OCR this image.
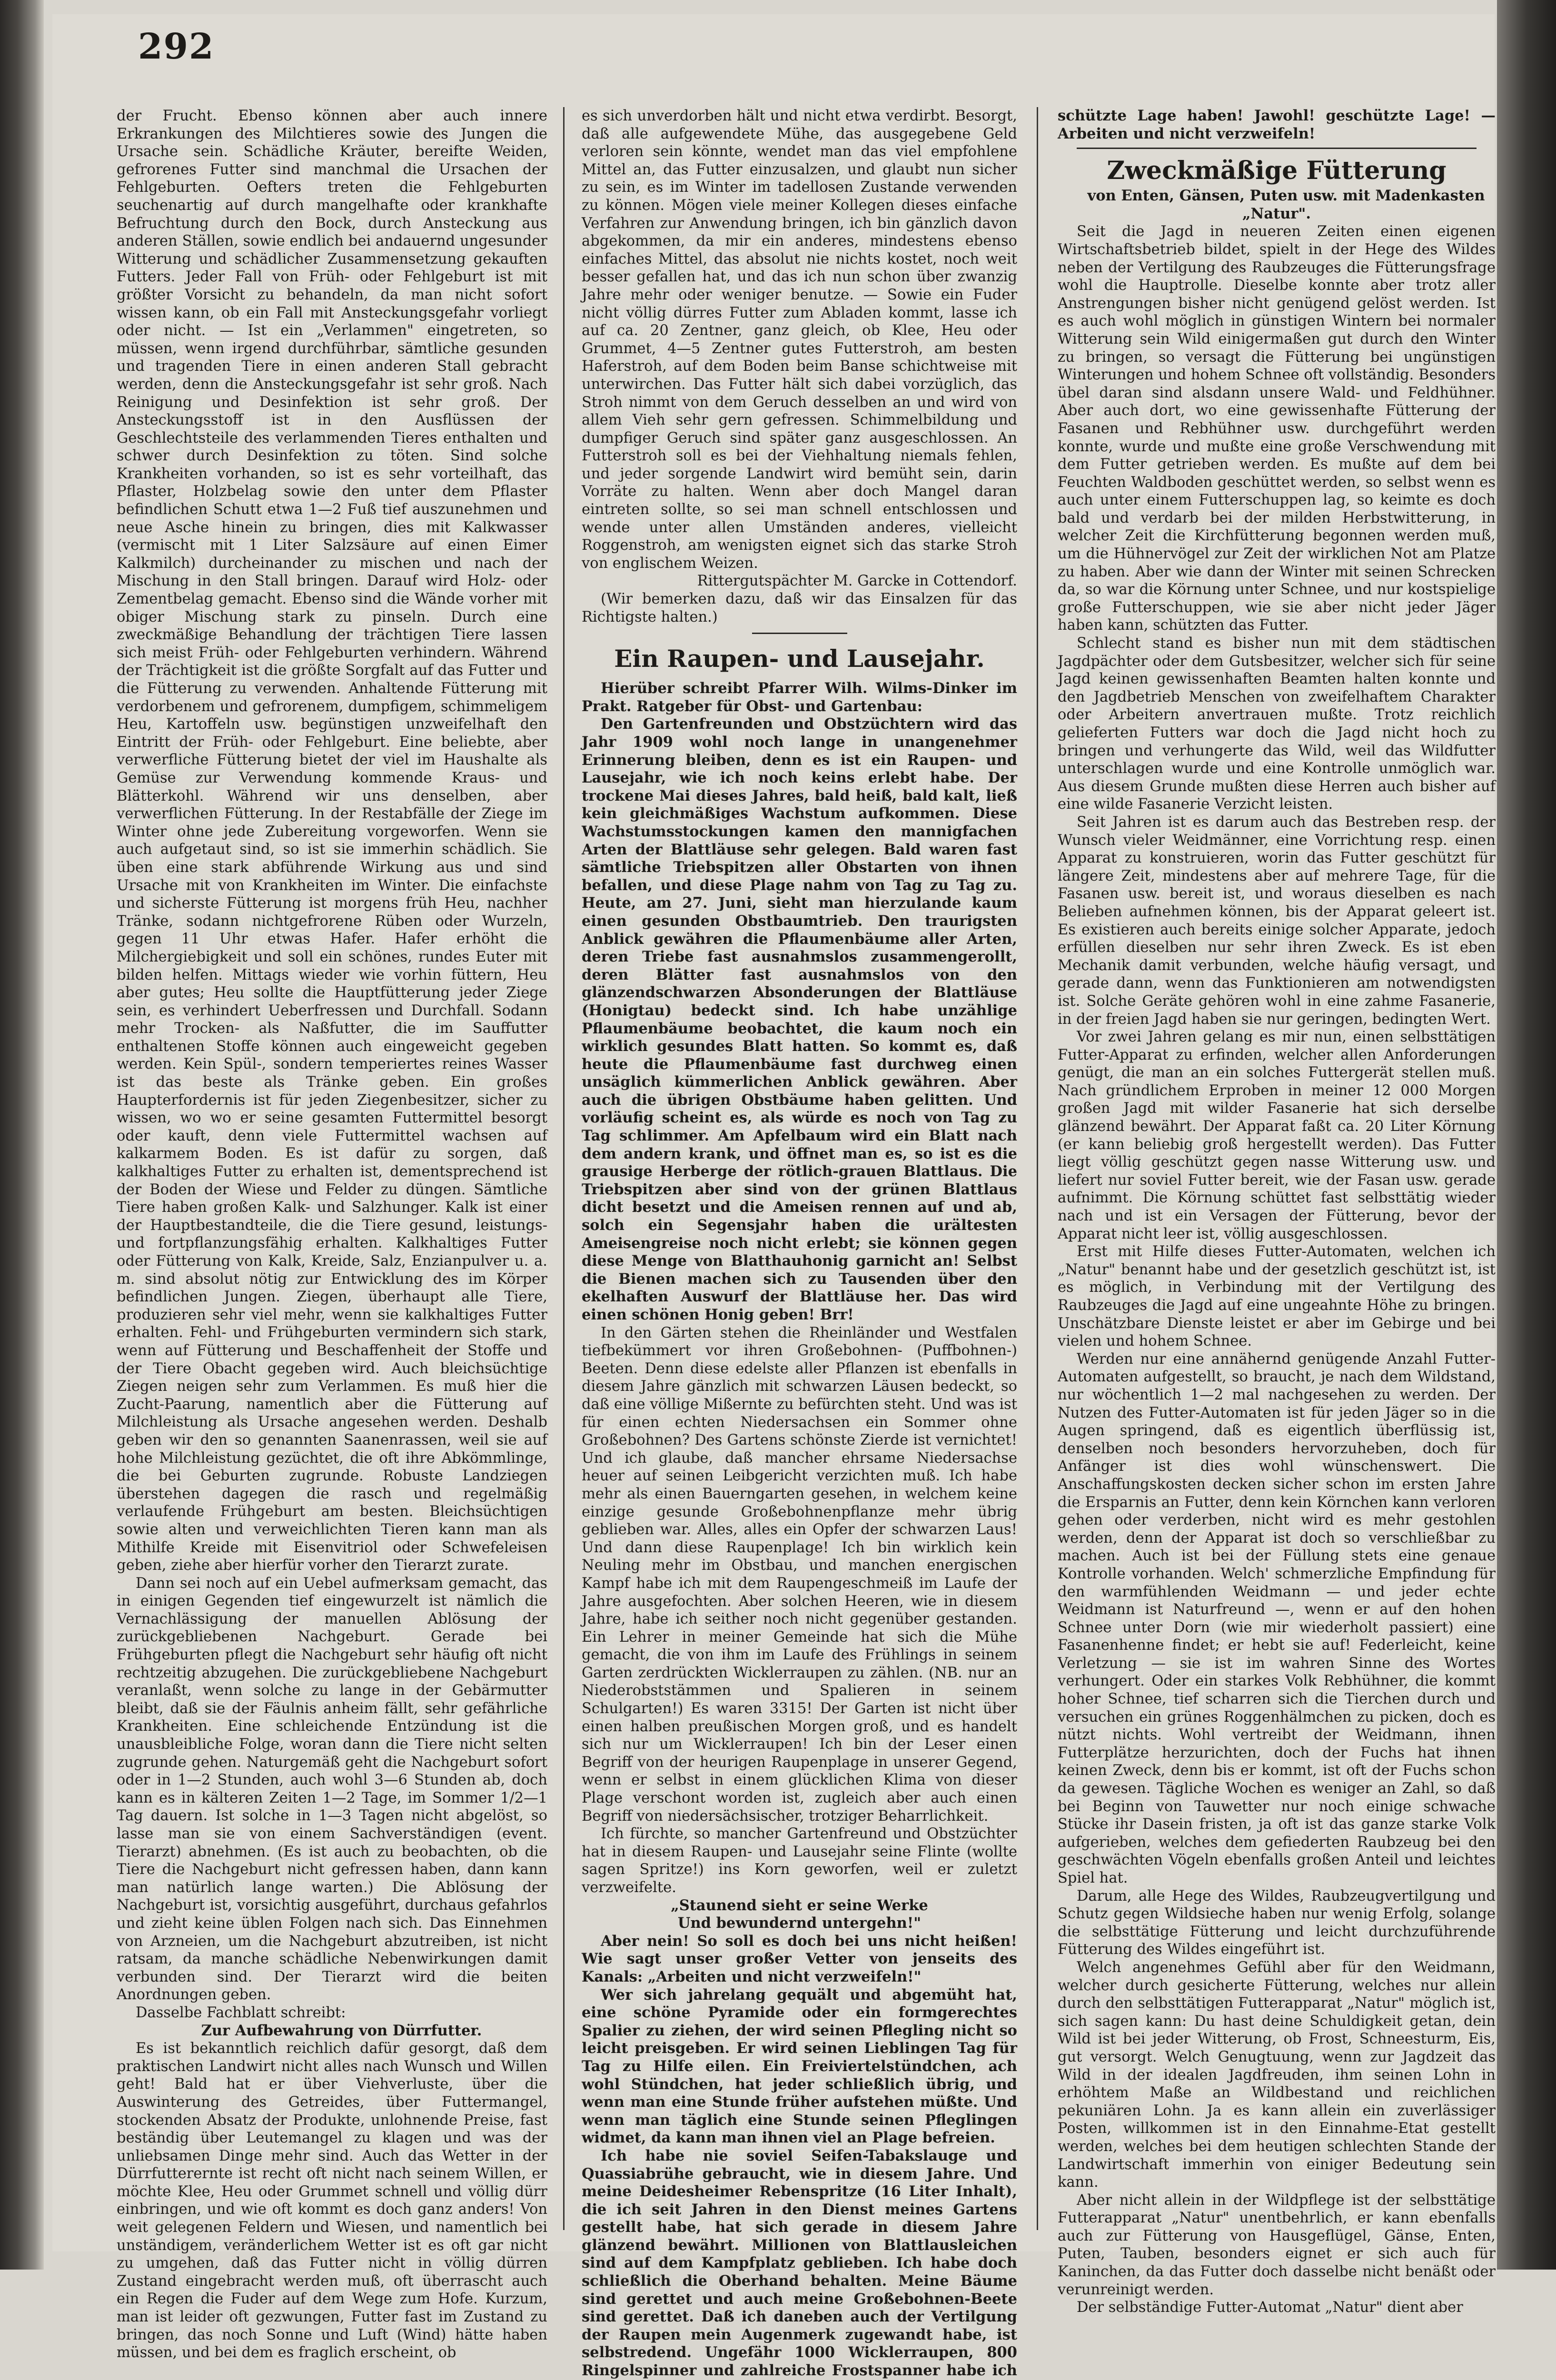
292

der Frucht. Ebenso können aber auch innere Erkrankungen des Milchtieres sowie des Jungen die Ursache sein. Schädliche Kräuter, bereifte Weiden, gefrorenes Futter sind manchmal die Ursachen der Fehlgeburten. Oefters treten die Fehlgeburten seuchenartig auf durch mangelhafte oder krankhafte Befruchtung durch den Bock, durch Ansteckung aus anderen Ställen, sowie endlich bei andauernd ungesunder Witterung und schädlicher Zusammensetzung gekauften Futters. Jeder Fall von Früh- oder Fehlgeburt ist mit größter Vorsicht zu behandeln, da man nicht sofort wissen kann, ob ein Fall mit Ansteckungsgefahr vorliegt oder nicht. — Ist ein „Verlammen" eingetreten, so müssen, wenn irgend durchführbar, sämtliche gesunden und tragenden Tiere in einen anderen Stall gebracht werden, denn die Ansteckungsgefahr ist sehr groß. Nach Reinigung und Desinfektion ist sehr groß. Der Ansteckungsstoff ist in den Ausflüssen der Geschlechtsteile des verlammenden Tieres enthalten und schwer durch Desinfektion zu töten. Sind solche Krankheiten vorhanden, so ist es sehr vorteilhaft, das Pflaster, Holzbelag sowie den unter dem Pflaster befindlichen Schutt etwa 1—2 Fuß tief auszunehmen und neue Asche hinein zu bringen, dies mit Kalkwasser (vermischt mit 1 Liter Salzsäure auf einen Eimer Kalkmilch) durcheinander zu mischen und nach der Mischung in den Stall bringen. Darauf wird Holz- oder Zementbelag gemacht. Ebenso sind die Wände vorher mit obiger Mischung stark zu pinseln. Durch eine zweckmäßige Behandlung der trächtigen Tiere lassen sich meist Früh- oder Fehlgeburten verhindern. Während der Trächtigkeit ist die größte Sorgfalt auf das Futter und die Fütterung zu verwenden. Anhaltende Fütterung mit verdorbenem und gefrorenem, dumpfigem, schimmeligem Heu, Kartoffeln usw. begünstigen unzweifelhaft den Eintritt der Früh- oder Fehlgeburt. Eine beliebte, aber verwerfliche Fütterung bietet der viel im Haushalte als Gemüse zur Verwendung kommende Kraus- und Blätterkohl. Während wir uns denselben, aber verwerflichen Fütterung. In der Restabfälle der Ziege im Winter ohne jede Zubereitung vorgeworfen. Wenn sie auch aufgetaut sind, so ist sie immerhin schädlich. Sie üben eine stark abführende Wirkung aus und sind Ursache mit von Krankheiten im Winter. Die einfachste und sicherste Fütterung ist morgens früh Heu, nachher Tränke, sodann nichtgefrorene Rüben oder Wurzeln, gegen 11 Uhr etwas Hafer. Hafer erhöht die Milchergiebigkeit und soll ein schönes, rundes Euter mit bilden helfen. Mittags wieder wie vorhin füttern, Heu aber gutes; Heu sollte die Hauptfütterung jeder Ziege sein, es verhindert Ueberfressen und Durchfall. Sodann mehr Trocken- als Naßfutter, die im Sauffutter enthaltenen Stoffe können auch eingeweicht gegeben werden. Kein Spül-, sondern temperiertes reines Wasser ist das beste als Tränke geben. Ein großes Haupterfordernis ist für jeden Ziegenbesitzer, sicher zu wissen, wo wo er seine gesamten Futtermittel besorgt oder kauft, denn viele Futtermittel wachsen auf kalkarmem Boden. Es ist dafür zu sorgen, daß kalkhaltiges Futter zu erhalten ist, dementsprechend ist der Boden der Wiese und Felder zu düngen. Sämtliche Tiere haben großen Kalk- und Salzhunger. Kalk ist einer der Hauptbestandteile, die die Tiere gesund, leistungs- und fortpflanzungsfähig erhalten. Kalkhaltiges Futter oder Fütterung von Kalk, Kreide, Salz, Enzianpulver u. a. m. sind absolut nötig zur Entwicklung des im Körper befindlichen Jungen. Ziegen, überhaupt alle Tiere, produzieren sehr viel mehr, wenn sie kalkhaltiges Futter erhalten. Fehl- und Frühgeburten vermindern sich stark, wenn auf Fütterung und Beschaffenheit der Stoffe und der Tiere Obacht gegeben wird. Auch bleichsüchtige Ziegen neigen sehr zum Verlammen. Es muß hier die Zucht-Paarung, namentlich aber die Fütterung auf Milchleistung als Ursache angesehen werden. Deshalb geben wir den so genannten Saanenrassen, weil sie auf hohe Milchleistung gezüchtet, die oft ihre Abkömmlinge, die bei Geburten zugrunde. Robuste Landziegen überstehen dagegen die rasch und regelmäßig verlaufende Frühgeburt am besten. Bleichsüchtigen sowie alten und verweichlichten Tieren kann man als Mithilfe Kreide mit Eisenvitriol oder Schwefeleisen geben, ziehe aber hierfür vorher den Tierarzt zurate.

Dann sei noch auf ein Uebel aufmerksam gemacht, das in einigen Gegenden tief eingewurzelt ist nämlich die Vernachlässigung der manuellen Ablösung der zurückgebliebenen Nachgeburt. Gerade bei Frühgeburten pflegt die Nachgeburt sehr häufig oft nicht rechtzeitig abzugehen. Die zurückgebliebene Nachgeburt veranlaßt, wenn solche zu lange in der Gebärmutter bleibt, daß sie der Fäulnis anheim fällt, sehr gefährliche Krankheiten. Eine schleichende Entzündung ist die unausbleibliche Folge, woran dann die Tiere nicht selten zugrunde gehen. Naturgemäß geht die Nachgeburt sofort oder in 1—2 Stunden, auch wohl 3—6 Stunden ab, doch kann es in kälteren Zeiten 1—2 Tage, im Sommer 1/2—1 Tag dauern. Ist solche in 1—3 Tagen nicht abgelöst, so lasse man sie von einem Sachverständigen (event. Tierarzt) abnehmen. (Es ist auch zu beobachten, ob die Tiere die Nachgeburt nicht gefressen haben, dann kann man natürlich lange warten.) Die Ablösung der Nachgeburt ist, vorsichtig ausgeführt, durchaus gefahrlos und zieht keine üblen Folgen nach sich. Das Einnehmen von Arzneien, um die Nachgeburt abzutreiben, ist nicht ratsam, da manche schädliche Nebenwirkungen damit verbunden sind. Der Tierarzt wird die beiten Anordnungen geben.

Dasselbe Fachblatt schreibt:

Zur Aufbewahrung von Dürrfutter.

Es ist bekanntlich reichlich dafür gesorgt, daß dem praktischen Landwirt nicht alles nach Wunsch und Willen geht! Bald hat er über Viehverluste, über die Auswinterung des Getreides, über Futtermangel, stockenden Absatz der Produkte, unlohnende Preise, fast beständig über Leutemangel zu klagen und was der unliebsamen Dinge mehr sind. Auch das Wetter in der Dürrfutterernte ist recht oft nicht nach seinem Willen, er möchte Klee, Heu oder Grummet schnell und völlig dürr einbringen, und wie oft kommt es doch ganz anders! Von weit gelegenen Feldern und Wiesen, und namentlich bei unständigem, veränderlichem Wetter ist es oft gar nicht zu umgehen, daß das Futter nicht in völlig dürren Zustand eingebracht werden muß, oft überrascht auch ein Regen die Fuder auf dem Wege zum Hofe. Kurzum, man ist leider oft gezwungen, Futter fast im Zustand zu bringen, das noch Sonne und Luft (Wind) hätte haben müssen, und bei dem es fraglich erscheint, ob

es sich unverdorben hält und nicht etwa verdirbt. Besorgt, daß alle aufgewendete Mühe, das ausgegebene Geld verloren sein könnte, wendet man das viel empfohlene Mittel an, das Futter einzusalzen, und glaubt nun sicher zu sein, es im Winter im tadellosen Zustande verwenden zu können. Mögen viele meiner Kollegen dieses einfache Verfahren zur Anwendung bringen, ich bin gänzlich davon abgekommen, da mir ein anderes, mindestens ebenso einfaches Mittel, das absolut nie nichts kostet, noch weit besser gefallen hat, und das ich nun schon über zwanzig Jahre mehr oder weniger benutze. — Sowie ein Fuder nicht völlig dürres Futter zum Abladen kommt, lasse ich auf ca. 20 Zentner, ganz gleich, ob Klee, Heu oder Grummet, 4—5 Zentner gutes Futterstroh, am besten Haferstroh, auf dem Boden beim Banse schichtweise mit unterwirchen. Das Futter hält sich dabei vorzüglich, das Stroh nimmt von dem Geruch desselben an und wird von allem Vieh sehr gern gefressen. Schimmelbildung und dumpfiger Geruch sind später ganz ausgeschlossen. An Futterstroh soll es bei der Viehhaltung niemals fehlen, und jeder sorgende Landwirt wird bemüht sein, darin Vorräte zu halten. Wenn aber doch Mangel daran eintreten sollte, so sei man schnell entschlossen und wende unter allen Umständen anderes, vielleicht Roggenstroh, am wenigsten eignet sich das starke Stroh von englischem Weizen.

Rittergutspächter M. Garcke in Cottendorf.

(Wir bemerken dazu, daß wir das Einsalzen für das Richtigste halten.)

Ein Raupen- und Lausejahr.

Hierüber schreibt Pfarrer Wilh. Wilms-Dinker im Prakt. Ratgeber für Obst- und Gartenbau:

Den Gartenfreunden und Obstzüchtern wird das Jahr 1909 wohl noch lange in unangenehmer Erinnerung bleiben, denn es ist ein Raupen- und Lausejahr, wie ich noch keins erlebt habe. Der trockene Mai dieses Jahres, bald heiß, bald kalt, ließ kein gleichmäßiges Wachstum aufkommen. Diese Wachstumsstockungen kamen den mannigfachen Arten der Blattläuse sehr gelegen. Bald waren fast sämtliche Triebspitzen aller Obstarten von ihnen befallen, und diese Plage nahm von Tag zu Tag zu. Heute, am 27. Juni, sieht man hierzulande kaum einen gesunden Obstbaumtrieb. Den traurigsten Anblick gewähren die Pflaumenbäume aller Arten, deren Triebe fast ausnahmslos zusammengerollt, deren Blätter fast ausnahmslos von den glänzendschwarzen Absonderungen der Blattläuse (Honigtau) bedeckt sind. Ich habe unzählige Pflaumenbäume beobachtet, die kaum noch ein wirklich gesundes Blatt hatten. So kommt es, daß heute die Pflaumenbäume fast durchweg einen unsäglich kümmerlichen Anblick gewähren. Aber auch die übrigen Obstbäume haben gelitten. Und vorläufig scheint es, als würde es noch von Tag zu Tag schlimmer. Am Apfelbaum wird ein Blatt nach dem andern krank, und öffnet man es, so ist es die grausige Herberge der rötlich-grauen Blattlaus. Die Triebspitzen aber sind von der grünen Blattlaus dicht besetzt und die Ameisen rennen auf und ab, solch ein Segensjahr haben die urältesten Ameisengreise noch nicht erlebt; sie können gegen diese Menge von Blatthauhonig garnicht an! Selbst die Bienen machen sich zu Tausenden über den ekelhaften Auswurf der Blattläuse her. Das wird einen schönen Honig geben! Brr!

In den Gärten stehen die Rheinländer und Westfalen tiefbekümmert vor ihren Großebohnen- (Puffbohnen-) Beeten. Denn diese edelste aller Pflanzen ist ebenfalls in diesem Jahre gänzlich mit schwarzen Läusen bedeckt, so daß eine völlige Mißernte zu befürchten steht. Und was ist für einen echten Niedersachsen ein Sommer ohne Großebohnen? Des Gartens schönste Zierde ist vernichtet! Und ich glaube, daß mancher ehrsame Niedersachse heuer auf seinen Leibgericht verzichten muß. Ich habe mehr als einen Bauerngarten gesehen, in welchem keine einzige gesunde Großebohnenpflanze mehr übrig geblieben war. Alles, alles ein Opfer der schwarzen Laus! Und dann diese Raupenplage! Ich bin wirklich kein Neuling mehr im Obstbau, und manchen energischen Kampf habe ich mit dem Raupengeschmeiß im Laufe der Jahre ausgefochten. Aber solchen Heeren, wie in diesem Jahre, habe ich seither noch nicht gegenüber gestanden. Ein Lehrer in meiner Gemeinde hat sich die Mühe gemacht, die von ihm im Laufe des Frühlings in seinem Garten zerdrückten Wicklerraupen zu zählen. (NB. nur an Niederobststämmen und Spalieren in seinem Schulgarten!) Es waren 3315! Der Garten ist nicht über einen halben preußischen Morgen groß, und es handelt sich nur um Wicklerraupen! Ich bin der Leser einen Begriff von der heurigen Raupenplage in unserer Gegend, wenn er selbst in einem glücklichen Klima von dieser Plage verschont worden ist, zugleich aber auch einen Begriff von niedersächsischer, trotziger Beharrlichkeit.

Ich fürchte, so mancher Gartenfreund und Obstzüchter hat in diesem Raupen- und Lausejahr seine Flinte (wollte sagen Spritze!) ins Korn geworfen, weil er zuletzt verzweifelte.

„Staunend sieht er seine Werke

Und bewundernd untergehn!"

Aber nein! So soll es doch bei uns nicht heißen! Wie sagt unser großer Vetter von jenseits des Kanals: „Arbeiten und nicht verzweifeln!"

Wer sich jahrelang gequält und abgemüht hat, eine schöne Pyramide oder ein formgerechtes Spalier zu ziehen, der wird seinen Pflegling nicht so leicht preisgeben. Er wird seinen Lieblingen Tag für Tag zu Hilfe eilen. Ein Freiviertelstündchen, ach wohl Stündchen, hat jeder schließlich übrig, und wenn man eine Stunde früher aufstehen müßte. Und wenn man täglich eine Stunde seinen Pfleglingen widmet, da kann man ihnen viel an Plage befreien.

Ich habe nie soviel Seifen-Tabakslauge und Quassiabrühe gebraucht, wie in diesem Jahre. Und meine Deidesheimer Rebenspritze (16 Liter Inhalt), die ich seit Jahren in den Dienst meines Gartens gestellt habe, hat sich gerade in diesem Jahre glänzend bewährt. Millionen von Blattlausleichen sind auf dem Kampfplatz geblieben. Ich habe doch schließlich die Oberhand behalten. Meine Bäume sind gerettet und auch meine Großebohnen-Beete sind gerettet. Daß ich daneben auch der Vertilgung der Raupen mein Augenmerk zugewandt habe, ist selbstredend. Ungefähr 1000 Wicklerraupen, 800 Ringelspinner und zahlreiche Frostspanner habe ich

schützte Lage haben! Jawohl! geschützte Lage! — Arbeiten und nicht verzweifeln!

Zweckmäßige Fütterung

von Enten, Gänsen, Puten usw. mit Madenkasten „Natur".

Seit die Jagd in neueren Zeiten einen eigenen Wirtschaftsbetrieb bildet, spielt in der Hege des Wildes neben der Vertilgung des Raubzeuges die Fütterungsfrage wohl die Hauptrolle. Dieselbe konnte aber trotz aller Anstrengungen bisher nicht genügend gelöst werden. Ist es auch wohl möglich in günstigen Wintern bei normaler Witterung sein Wild einigermaßen gut durch den Winter zu bringen, so versagt die Fütterung bei ungünstigen Winterungen und hohem Schnee oft vollständig. Besonders übel daran sind alsdann unsere Wald- und Feldhühner. Aber auch dort, wo eine gewissenhafte Fütterung der Fasanen und Rebhühner usw. durchgeführt werden konnte, wurde und mußte eine große Verschwendung mit dem Futter getrieben werden. Es mußte auf dem bei Feuchten Waldboden geschüttet werden, so selbst wenn es auch unter einem Futterschuppen lag, so keimte es doch bald und verdarb bei der milden Herbstwitterung, in welcher Zeit die Kirchfütterung begonnen werden muß, um die Hühnervögel zur Zeit der wirklichen Not am Platze zu haben. Aber wie dann der Winter mit seinen Schrecken da, so war die Körnung unter Schnee, und nur kostspielige große Futterschuppen, wie sie aber nicht jeder Jäger haben kann, schützten das Futter.

Schlecht stand es bisher nun mit dem städtischen Jagdpächter oder dem Gutsbesitzer, welcher sich für seine Jagd keinen gewissenhaften Beamten halten konnte und den Jagdbetrieb Menschen von zweifelhaftem Charakter oder Arbeitern anvertrauen mußte. Trotz reichlich gelieferten Futters war doch die Jagd nicht hoch zu bringen und verhungerte das Wild, weil das Wildfutter unterschlagen wurde und eine Kontrolle unmöglich war. Aus diesem Grunde mußten diese Herren auch bisher auf eine wilde Fasanerie Verzicht leisten.

Seit Jahren ist es darum auch das Bestreben resp. der Wunsch vieler Weidmänner, eine Vorrichtung resp. einen Apparat zu konstruieren, worin das Futter geschützt für längere Zeit, mindestens aber auf mehrere Tage, für die Fasanen usw. bereit ist, und woraus dieselben es nach Belieben aufnehmen können, bis der Apparat geleert ist. Es existieren auch bereits einige solcher Apparate, jedoch erfüllen dieselben nur sehr ihren Zweck. Es ist eben Mechanik damit verbunden, welche häufig versagt, und gerade dann, wenn das Funktionieren am notwendigsten ist. Solche Geräte gehören wohl in eine zahme Fasanerie, in der freien Jagd haben sie nur geringen, bedingten Wert.

Vor zwei Jahren gelang es mir nun, einen selbsttätigen Futter-Apparat zu erfinden, welcher allen Anforderungen genügt, die man an ein solches Futtergerät stellen muß. Nach gründlichem Erproben in meiner 12 000 Morgen großen Jagd mit wilder Fasanerie hat sich derselbe glänzend bewährt. Der Apparat faßt ca. 20 Liter Körnung (er kann beliebig groß hergestellt werden). Das Futter liegt völlig geschützt gegen nasse Witterung usw. und liefert nur soviel Futter bereit, wie der Fasan usw. gerade aufnimmt. Die Körnung schüttet fast selbsttätig wieder nach und ist ein Versagen der Fütterung, bevor der Apparat nicht leer ist, völlig ausgeschlossen.

Erst mit Hilfe dieses Futter-Automaten, welchen ich „Natur" benannt habe und der gesetzlich geschützt ist, ist es möglich, in Verbindung mit der Vertilgung des Raubzeuges die Jagd auf eine ungeahnte Höhe zu bringen. Unschätzbare Dienste leistet er aber im Gebirge und bei vielen und hohem Schnee.

Werden nur eine annähernd genügende Anzahl Futter-Automaten aufgestellt, so braucht, je nach dem Wildstand, nur wöchentlich 1—2 mal nachgesehen zu werden. Der Nutzen des Futter-Automaten ist für jeden Jäger so in die Augen springend, daß es eigentlich überflüssig ist, denselben noch besonders hervorzuheben, doch für Anfänger ist dies wohl wünschenswert. Die Anschaffungskosten decken sicher schon im ersten Jahre die Ersparnis an Futter, denn kein Körnchen kann verloren gehen oder verderben, nicht wird es mehr gestohlen werden, denn der Apparat ist doch so verschließbar zu machen. Auch ist bei der Füllung stets eine genaue Kontrolle vorhanden. Welch' schmerzliche Empfindung für den warmfühlenden Weidmann — und jeder echte Weidmann ist Naturfreund —, wenn er auf den hohen Schnee unter Dorn (wie mir wiederholt passiert) eine Fasanenhenne findet; er hebt sie auf! Federleicht, keine Verletzung — sie ist im wahren Sinne des Wortes verhungert. Oder ein starkes Volk Rebhühner, die kommt hoher Schnee, tief scharren sich die Tierchen durch und versuchen ein grünes Roggenhälmchen zu picken, doch es nützt nichts. Wohl vertreibt der Weidmann, ihnen Futterplätze herzurichten, doch der Fuchs hat ihnen keinen Zweck, denn bis er kommt, ist oft der Fuchs schon da gewesen. Tägliche Wochen es weniger an Zahl, so daß bei Beginn von Tauwetter nur noch einige schwache Stücke ihr Dasein fristen, ja oft ist das ganze starke Volk aufgerieben, welches dem gefiederten Raubzeug bei den geschwächten Vögeln ebenfalls großen Anteil und leichtes Spiel hat.

Darum, alle Hege des Wildes, Raubzeugvertilgung und Schutz gegen Wildsieche haben nur wenig Erfolg, solange die selbsttätige Fütterung und leicht durchzuführende Fütterung des Wildes eingeführt ist.

Welch angenehmes Gefühl aber für den Weidmann, welcher durch gesicherte Fütterung, welches nur allein durch den selbsttätigen Futterapparat „Natur" möglich ist, sich sagen kann: Du hast deine Schuldigkeit getan, dein Wild ist bei jeder Witterung, ob Frost, Schneesturm, Eis, gut versorgt. Welch Genugtuung, wenn zur Jagdzeit das Wild in der idealen Jagdfreuden, ihm seinen Lohn in erhöhtem Maße an Wildbestand und reichlichen pekuniären Lohn. Ja es kann allein ein zuverlässiger Posten, willkommen ist in den Einnahme-Etat gestellt werden, welches bei dem heutigen schlechten Stande der Landwirtschaft immerhin von einiger Bedeutung sein kann.

Aber nicht allein in der Wildpflege ist der selbsttätige Futterapparat „Natur" unentbehrlich, er kann ebenfalls auch zur Fütterung von Hausgeflügel, Gänse, Enten, Puten, Tauben, besonders eignet er sich auch für Kaninchen, da das Futter doch dasselbe nicht benäßt oder verunreinigt werden.

Der selbständige Futter-Automat „Natur" dient aber
